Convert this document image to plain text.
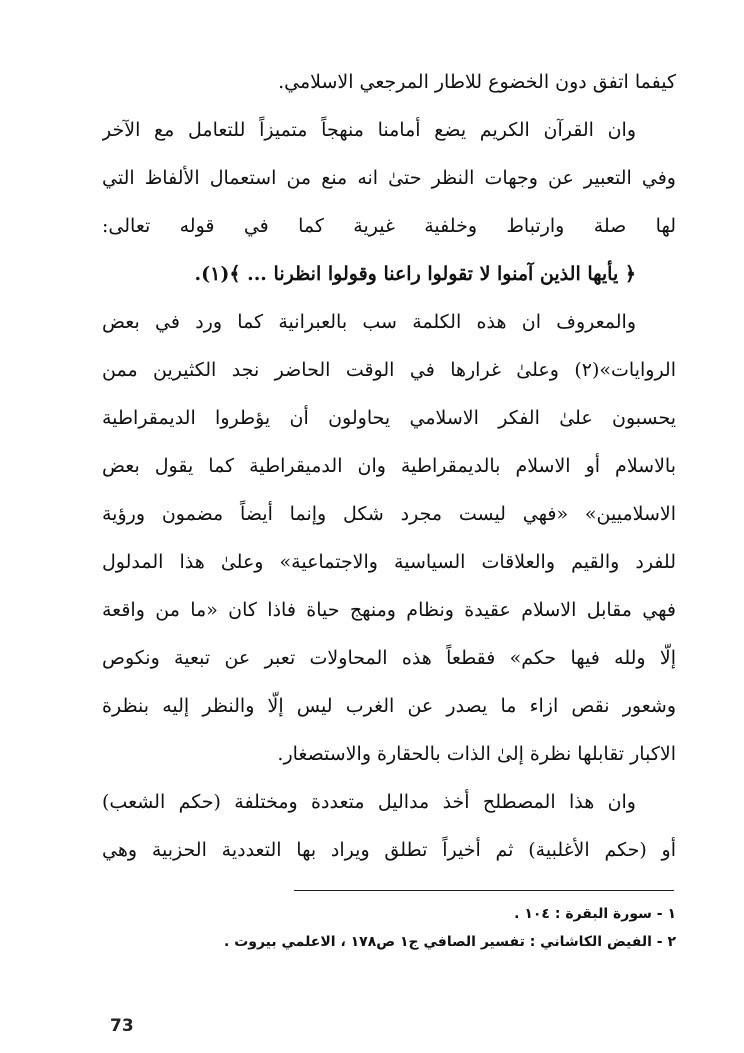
كيفما اتفق دون الخضوع للاطار المرجعي الاسلامي.
وان القرآن الكريم يضع أمامنا منهجاً متميزاً للتعامل مع الآخر
وفي التعبير عن وجهات النظر حتىٰ انه منع من استعمال الألفاظ التي
لها صلة وارتباط وخلفية غيرية كما في قوله تعالى:
﴿ يأيها الذين آمنوا لا تقولوا راعنا وقولوا انظرنا ... ﴾(١).
والمعروف ان هذه الكلمة سب بالعبرانية كما ورد في بعض
الروايات»(٢) وعلىٰ غرارها في الوقت الحاضر نجد الكثيرين ممن
يحسبون علىٰ الفكر الاسلامي يحاولون أن يؤطروا الديمقراطية
بالاسلام أو الاسلام بالديمقراطية وان الدميقراطية كما يقول بعض
الاسلاميين» «فهي ليست مجرد شكل وإنما أيضاً مضمون ورؤية
للفرد والقيم والعلاقات السياسية والاجتماعية» وعلىٰ هذا المدلول
فهي مقابل الاسلام عقيدة ونظام ومنهج حياة فاذا كان «ما من واقعة
إلّا ولله فيها حكم» فقطعاً هذه المحاولات تعبر عن تبعية ونكوص
وشعور نقص ازاء ما يصدر عن الغرب ليس إلّا والنظر إليه بنظرة
الاكبار تقابلها نظرة إلىٰ الذات بالحقارة والاستصغار.
وان هذا المصطلح أخذ مداليل متعددة ومختلفة (حكم الشعب)
أو (حكم الأغلبية) ثم أخيراً تطلق ويراد بها التعددية الحزبية وهي
١ - سورة البقرة : ١٠٤ .
٢ - الفيض الكاشاني : تفسير الصافي ج١ ص١٧٨ ، الاعلمي بيروت .
73
